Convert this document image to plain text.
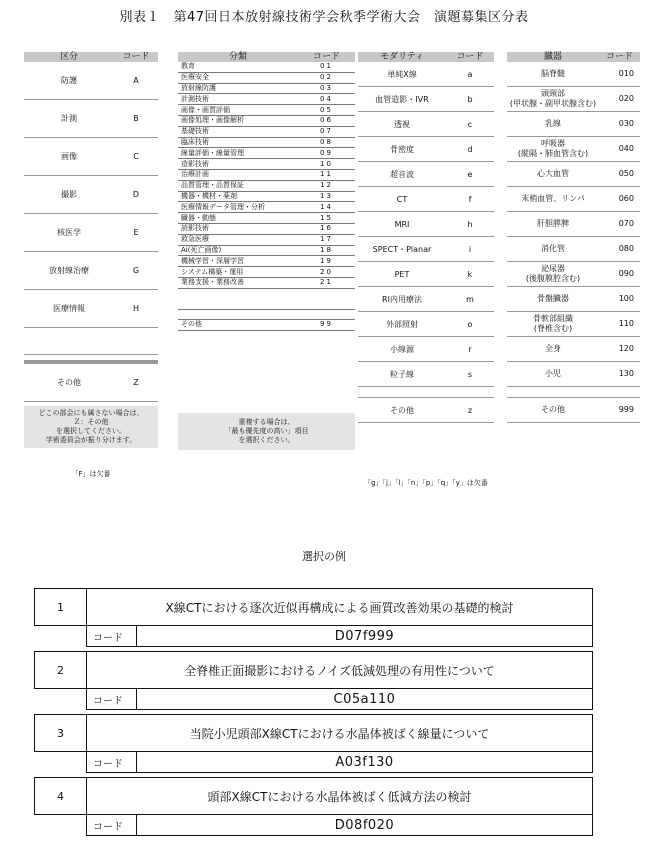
別表１　第47回日本放射線技術学会秋季学術大会　演題募集区分表
区分	コード
防護	A
計測	B
画像	C
撮影	D
核医学	E
放射線治療	G
医療情報	H

その他	Z
どこの部会にも属さない場合は、
Ｚ：その他
を選択してください。
学術委員会が振り分けます。
「F」は欠番
分類	コード
教育	01
医療安全	02
放射線防護	03
計測技術	04
画像・画質評価	05
画像処理・画像解析	06
基礎技術	07
臨床技術	08
線量評価・線量管理	09
造影技術	10
治療計画	11
品質管理・品質保証	12
機器・機材・薬剤	13
医療情報データ管理・分析	14
臓器・動態	15
読影技術	16
救急医療	17
Ai(死亡画像)	18
機械学習・深層学習	19
システム構築・運用	20
業務支援・業務改善	21

その他	99
重複する場合は、
「最も優先度の高い」項目
を選択ください。
モダリティ	コード
単純X線	a
血管造影・IVR	b
透視	c
骨密度	d
超音波	e
CT	f
MRI	h
SPECT・Planar	i
PET	k
RI内用療法	m
外部照射	o
小線源	r
粒子線	s

その他	z
「g」「j」「l」「n」「p」「q」「y」は欠番
臓器	コード

脳脊髄	010

頭頸部
(甲状腺・副甲状腺含む)	020

乳線	030

呼吸器
(縦隔・肺血管含む)	040

心大血管	050

末梢血管、リンパ	060

肝胆膵脾	070

消化管	080

泌尿器
(後腹膜腔含む)	090

骨盤臓器	100

骨軟部組織
(脊椎含む)	110

全身	120

小児	130

その他	999
選択の例
1	X線CTにおける逐次近似再構成による画質改善効果の基礎的検討	
	コード	D07f999
2	全脊椎正面撮影におけるノイズ低減処理の有用性について	
	コード	C05a110
3	当院小児頭部X線CTにおける水晶体被ばく線量について	
	コード	A03f130
4	頭部X線CTにおける水晶体被ばく低減方法の検討	
	コード	D08f020
